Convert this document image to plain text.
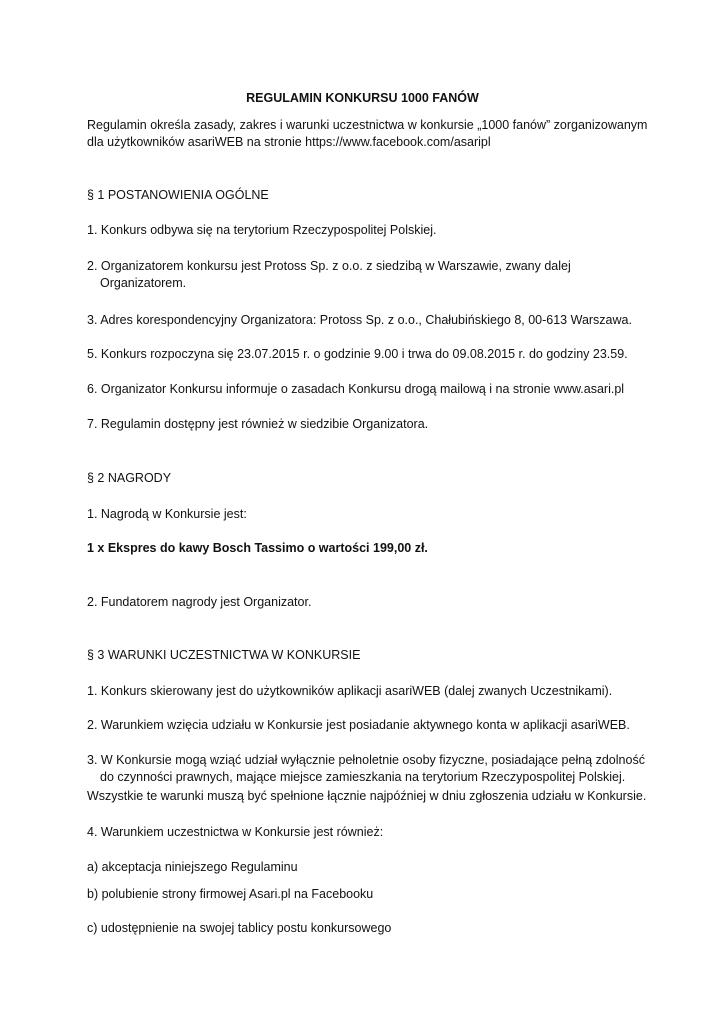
REGULAMIN KONKURSU 1000 FANÓW
Regulamin określa zasady, zakres i warunki uczestnictwa w konkursie „1000 fanów” zorganizowanym
dla użytkowników asariWEB na stronie https://www.facebook.com/asaripl
§ 1 POSTANOWIENIA OGÓLNE
1. Konkurs odbywa się na terytorium Rzeczypospolitej Polskiej.
2. Organizatorem konkursu jest Protoss Sp. z o.o. z siedzibą w Warszawie, zwany dalej
Organizatorem.
3. Adres korespondencyjny Organizatora: Protoss Sp. z o.o., Chałubińskiego 8, 00-613 Warszawa.
5. Konkurs rozpoczyna się 23.07.2015 r. o godzinie 9.00 i trwa do 09.08.2015 r. do godziny 23.59.
6. Organizator Konkursu informuje o zasadach Konkursu drogą mailową i na stronie www.asari.pl
7. Regulamin dostępny jest również w siedzibie Organizatora.
§ 2 NAGRODY
1. Nagrodą w Konkursie jest:
1 x Ekspres do kawy Bosch Tassimo o wartości 199,00 zł.
2. Fundatorem nagrody jest Organizator.
§ 3 WARUNKI UCZESTNICTWA W KONKURSIE
1. Konkurs skierowany jest do użytkowników aplikacji asariWEB (dalej zwanych Uczestnikami).
2. Warunkiem wzięcia udziału w Konkursie jest posiadanie aktywnego konta w aplikacji asariWEB.
3. W Konkursie mogą wziąć udział wyłącznie pełnoletnie osoby fizyczne, posiadające pełną zdolność
do czynności prawnych, mające miejsce zamieszkania na terytorium Rzeczypospolitej Polskiej.
Wszystkie te warunki muszą być spełnione łącznie najpóźniej w dniu zgłoszenia udziału w Konkursie.
4. Warunkiem uczestnictwa w Konkursie jest również:
a) akceptacja niniejszego Regulaminu
b) polubienie strony firmowej Asari.pl na Facebooku
c) udostępnienie na swojej tablicy postu konkursowego
